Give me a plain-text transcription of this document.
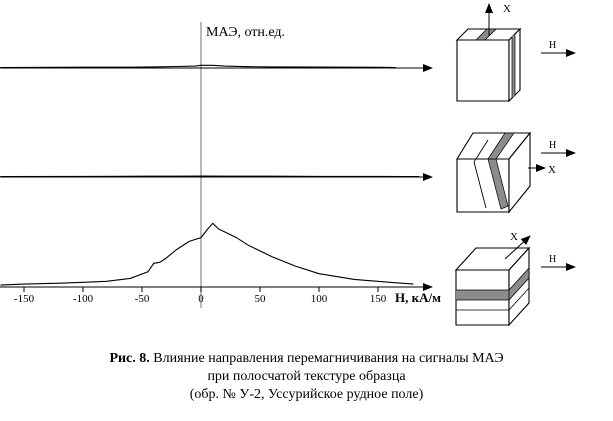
МАЭ, отн.ед.
-150	-100	-50	0	50	100	150 H, кА/м
X
H
X
H
X
H
Рис. 8. Влияние направления перемагничивания на сигналы МАЭ
при полосчатой текстуре образца
(обр. № У-2, Уссурийское рудное поле)
